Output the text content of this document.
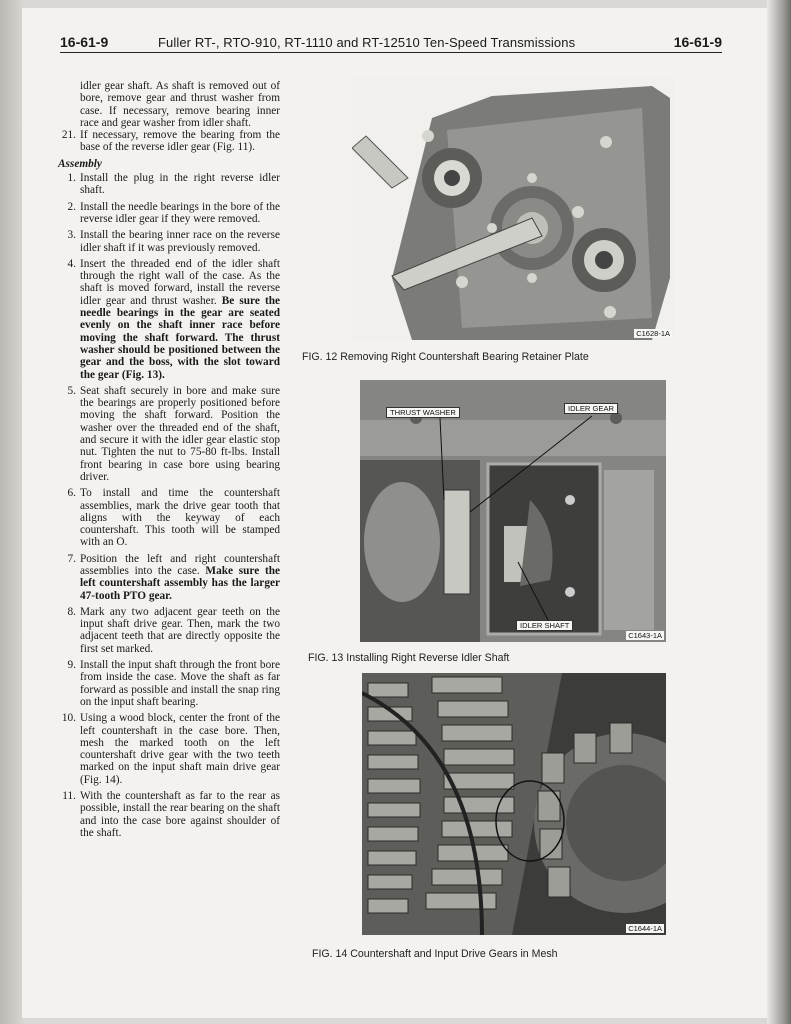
16-61-9	Fuller RT-, RTO-910, RT-1110 and RT-12510 Ten-Speed Transmissions	16-61-9

idler gear shaft. As shaft is removed out of bore, remove gear and thrust washer from case. If necessary, remove bearing inner race and gear washer from idler shaft.

21. If necessary, remove the bearing from the base of the reverse idler gear (Fig. 11).
Assembly
1. Install the plug in the right reverse idler shaft.
2. Install the needle bearings in the bore of the reverse idler gear if they were removed.
3. Install the bearing inner race on the reverse idler shaft if it was previously removed.
4. Insert the threaded end of the idler shaft through the right wall of the case. As the shaft is moved forward, install the reverse idler gear and thrust washer. Be sure the needle bearings in the gear are seated evenly on the shaft inner race before moving the shaft forward. The thrust washer should be positioned between the gear and the boss, with the slot toward the gear (Fig. 13).
5. Seat shaft securely in bore and make sure the bearings are properly positioned before moving the shaft forward. Position the washer over the threaded end of the shaft, and secure it with the idler gear elastic stop nut. Tighten the nut to 75-80 ft-lbs. Install front bearing in case bore using bearing driver.
6. To install and time the countershaft assemblies, mark the drive gear tooth that aligns with the keyway of each countershaft. This tooth will be stamped with an O.
7. Position the left and right countershaft assemblies into the case. Make sure the left countershaft assembly has the larger 47-tooth PTO gear.
8. Mark any two adjacent gear teeth on the input shaft drive gear. Then, mark the two adjacent teeth that are directly opposite the first set marked.
9. Install the input shaft through the front bore from inside the case. Move the shaft as far forward as possible and install the snap ring on the input shaft bearing.
10. Using a wood block, center the front of the left countershaft in the case bore. Then, mesh the marked tooth on the left countershaft drive gear with the two teeth marked on the input shaft main drive gear (Fig. 14).
11. With the countershaft as far to the rear as possible, install the rear bearing on the shaft and into the case bore against shoulder of the shaft.
C1628-1A
FIG. 12 Removing Right Countershaft Bearing Retainer Plate
THRUST WASHER	IDLER GEAR
IDLER SHAFT
C1643-1A
FIG. 13 Installing Right Reverse Idler Shaft
C1644-1A
FIG. 14 Countershaft and Input Drive Gears in Mesh
